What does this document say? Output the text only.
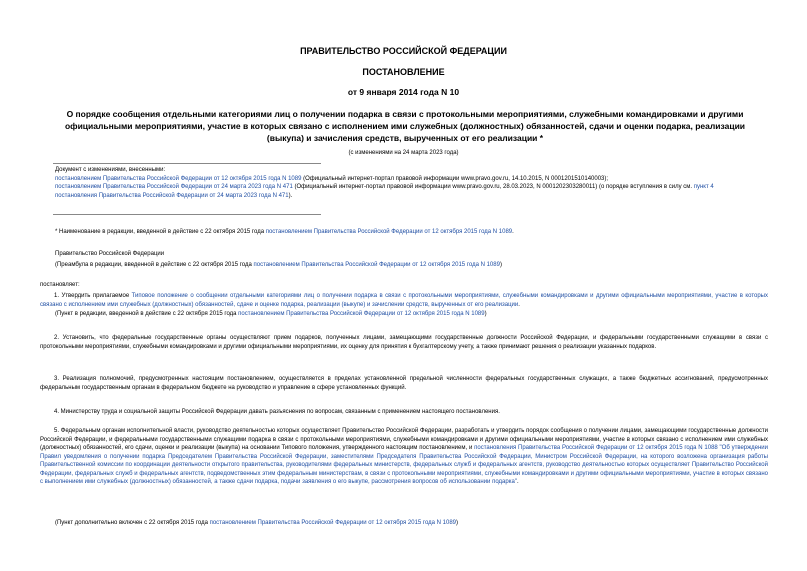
ПРАВИТЕЛЬСТВО РОССИЙСКОЙ ФЕДЕРАЦИИ
ПОСТАНОВЛЕНИЕ
от 9 января 2014 года N 10
О порядке сообщения отдельными категориями лиц о получении подарка в связи с протокольными мероприятиями, служебными командировками и другими официальными мероприятиями, участие в которых связано с исполнением ими служебных (должностных) обязанностей, сдачи и оценки подарка, реализации (выкупа) и зачисления средств, вырученных от его реализации *
(с изменениями на 24 марта 2023 года)
Документ с изменениями, внесенными:
постановлением Правительства Российской Федерации от 12 октября 2015 года N 1089 (Официальный интернет-портал правовой информации www.pravo.gov.ru, 14.10.2015, N 0001201510140003);
постановлением Правительства Российской Федерации от 24 марта 2023 года N 471 (Официальный интернет-портал правовой информации www.pravo.gov.ru, 28.03.2023, N 0001202303280011) (о порядке вступления в силу см. пункт 4 постановления Правительства Российской Федерации от 24 марта 2023 года N 471).
* Наименование в редакции, введенной в действие с 22 октября 2015 года постановлением Правительства Российской Федерации от 12 октября 2015 года N 1089.
Правительство Российской Федерации
(Преамбула в редакции, введенной в действие с 22 октября 2015 года постановлением Правительства Российской Федерации от 12 октября 2015 года N 1089)
постановляет:
1. Утвердить прилагаемое Типовое положение о сообщении отдельными категориями лиц о получении подарка в связи с протокольными мероприятиями, служебными командировками и другими официальными мероприятиями, участие в которых связано с исполнением ими служебных (должностных) обязанностей, сдаче и оценке подарка, реализации (выкупе) и зачислении средств, вырученных от его реализации.
(Пункт в редакции, введенной в действие с 22 октября 2015 года постановлением Правительства Российской Федерации от 12 октября 2015 года N 1089)
2. Установить, что федеральные государственные органы осуществляют прием подарков, полученных лицами, замещающими государственные должности Российской Федерации, и федеральными государственными служащими в связи с протокольными мероприятиями, служебными командировками и другими официальными мероприятиями, их оценку для принятия к бухгалтерскому учету, а также принимают решения о реализации указанных подарков.
3. Реализация полномочий, предусмотренных настоящим постановлением, осуществляется в пределах установленной предельной численности федеральных государственных служащих, а также бюджетных ассигнований, предусмотренных федеральным государственным органам в федеральном бюджете на руководство и управление в сфере установленных функций.
4. Министерству труда и социальной защиты Российской Федерации давать разъяснения по вопросам, связанным с применением настоящего постановления.
5. Федеральным органам исполнительной власти, руководство деятельностью которых осуществляет Правительство Российской Федерации, разработать и утвердить порядок сообщения о получении лицами, замещающими государственные должности Российской Федерации, и федеральными государственными служащими подарка в связи с протокольными мероприятиями, служебными командировками и другими официальными мероприятиями, участие в которых связано с исполнением ими служебных (должностных) обязанностей, его сдачи, оценки и реализации (выкупа) на основании Типового положения, утвержденного настоящим постановлением, и постановления Правительства Российской Федерации от 12 октября 2015 года N 1088 "Об утверждении Правил уведомления о получении подарка Председателем Правительства Российской Федерации, заместителями Председателя Правительства Российской Федерации, Министром Российской Федерации, на которого возложена организация работы Правительственной комиссии по координации деятельности открытого правительства, руководителями федеральных министерств, федеральных служб и федеральных агентств, руководство деятельностью которых осуществляет Правительство Российской Федерации, федеральных служб и федеральных агентств, подведомственных этим федеральным министерствам, в связи с протокольными мероприятиями, служебными командировками и другими официальными мероприятиями, участие в которых связано с выполнением ими служебных (должностных) обязанностей, а также сдачи подарка, подачи заявления о его выкупе, рассмотрения вопросов об использовании подарка".
(Пункт дополнительно включен с 22 октября 2015 года постановлением Правительства Российской Федерации от 12 октября 2015 года N 1089)
